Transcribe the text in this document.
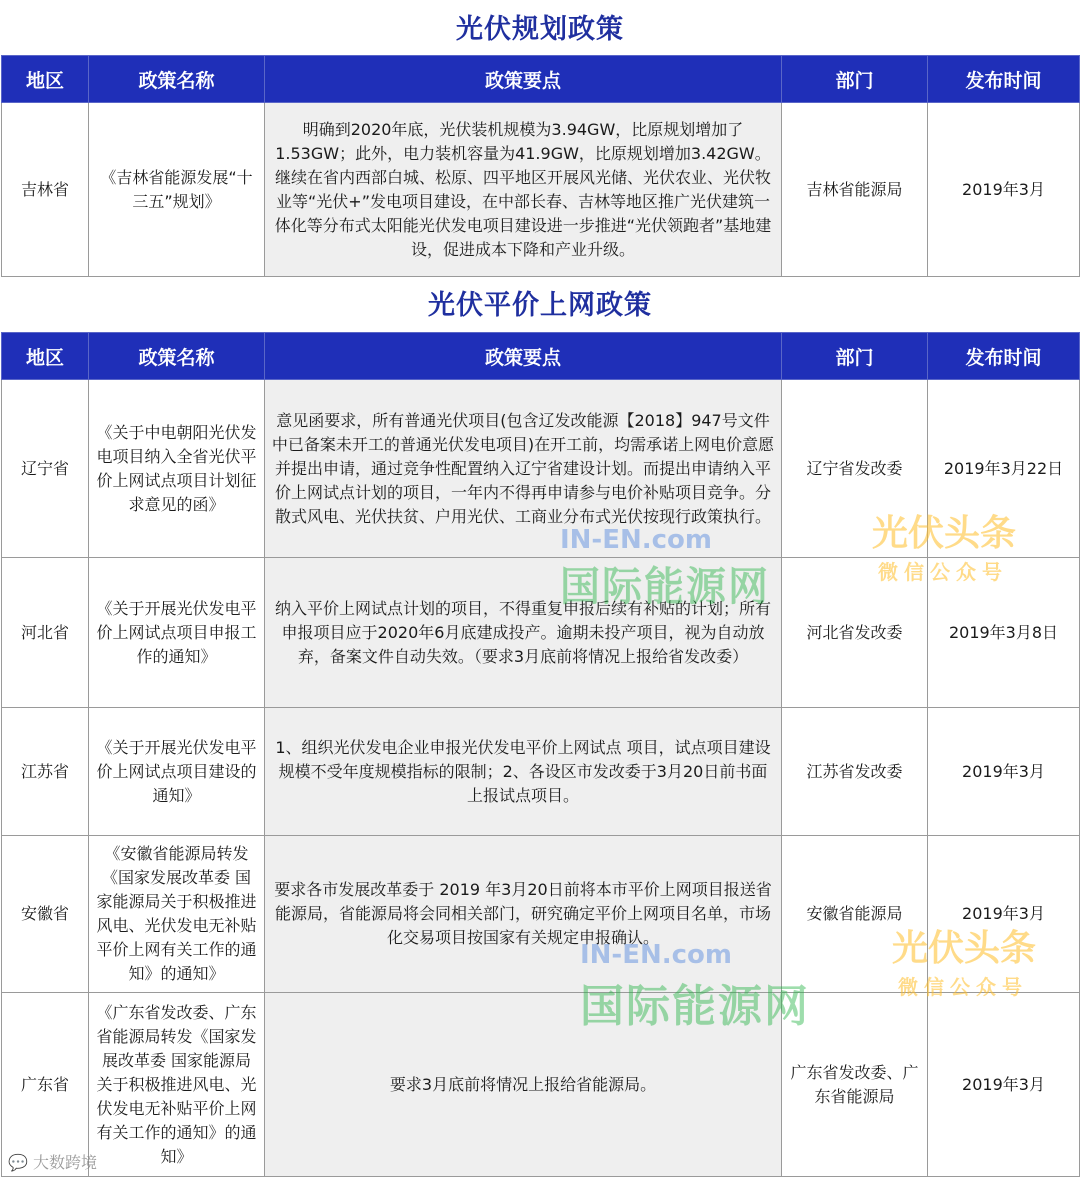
光伏规划政策
地区	政策名称	政策要点	部门	发布时间
吉林省	《吉林省能源发展“十三五”规划》	明确到2020年底，光伏装机规模为3.94GW，比原规划增加了1.53GW；此外，电力装机容量为41.9GW，比原规划增加3.42GW。继续在省内西部白城、松原、四平地区开展风光储、光伏农业、光伏牧业等“光伏+”发电项目建设，在中部长春、吉林等地区推广光伏建筑一体化等分布式太阳能光伏发电项目建设进一步推进“光伏领跑者”基地建设，促进成本下降和产业升级。	吉林省能源局	2019年3月
光伏平价上网政策
地区	政策名称	政策要点	部门	发布时间
辽宁省	《关于中电朝阳光伏发电项目纳入全省光伏平价上网试点项目计划征求意见的函》	意见函要求，所有普通光伏项目(包含辽发改能源【2018】947号文件中已备案未开工的普通光伏发电项目)在开工前，均需承诺上网电价意愿并提出申请，通过竞争性配置纳入辽宁省建设计划。而提出申请纳入平价上网试点计划的项目，一年内不得再申请参与电价补贴项目竞争。分散式风电、光伏扶贫、户用光伏、工商业分布式光伏按现行政策执行。	辽宁省发改委	2019年3月22日
河北省	《关于开展光伏发电平价上网试点项目申报工作的通知》	纳入平价上网试点计划的项目，不得重复申报后续有补贴的计划；所有申报项目应于2020年6月底建成投产。逾期未投产项目，视为自动放弃，备案文件自动失效。（要求3月底前将情况上报给省发改委）	河北省发改委	2019年3月8日
江苏省	《关于开展光伏发电平价上网试点项目建设的通知》	1、组织光伏发电企业申报光伏发电平价上网试点 项目，试点项目建设规模不受年度规模指标的限制；2、各设区市发改委于3月20日前书面上报试点项目。	江苏省发改委	2019年3月
安徽省	《安徽省能源局转发《国家发展改革委 国家能源局关于积极推进风电、光伏发电无补贴平价上网有关工作的通知》的通知》	要求各市发展改革委于 2019 年3月20日前将本市平价上网项目报送省能源局，省能源局将会同相关部门，研究确定平价上网项目名单，市场化交易项目按国家有关规定申报确认。	安徽省能源局	2019年3月
广东省	《广东省发改委、广东省能源局转发《国家发展改革委 国家能源局关于积极推进风电、光伏发电无补贴平价上网有关工作的通知》的通知》	要求3月底前将情况上报给省能源局。	广东省发改委、广东省能源局	2019年3月
IN-EN.com
国际能源网
光伏头条
微信公众号
IN-EN.com
国际能源网
光伏头条
微信公众号
💬 大数跨境
